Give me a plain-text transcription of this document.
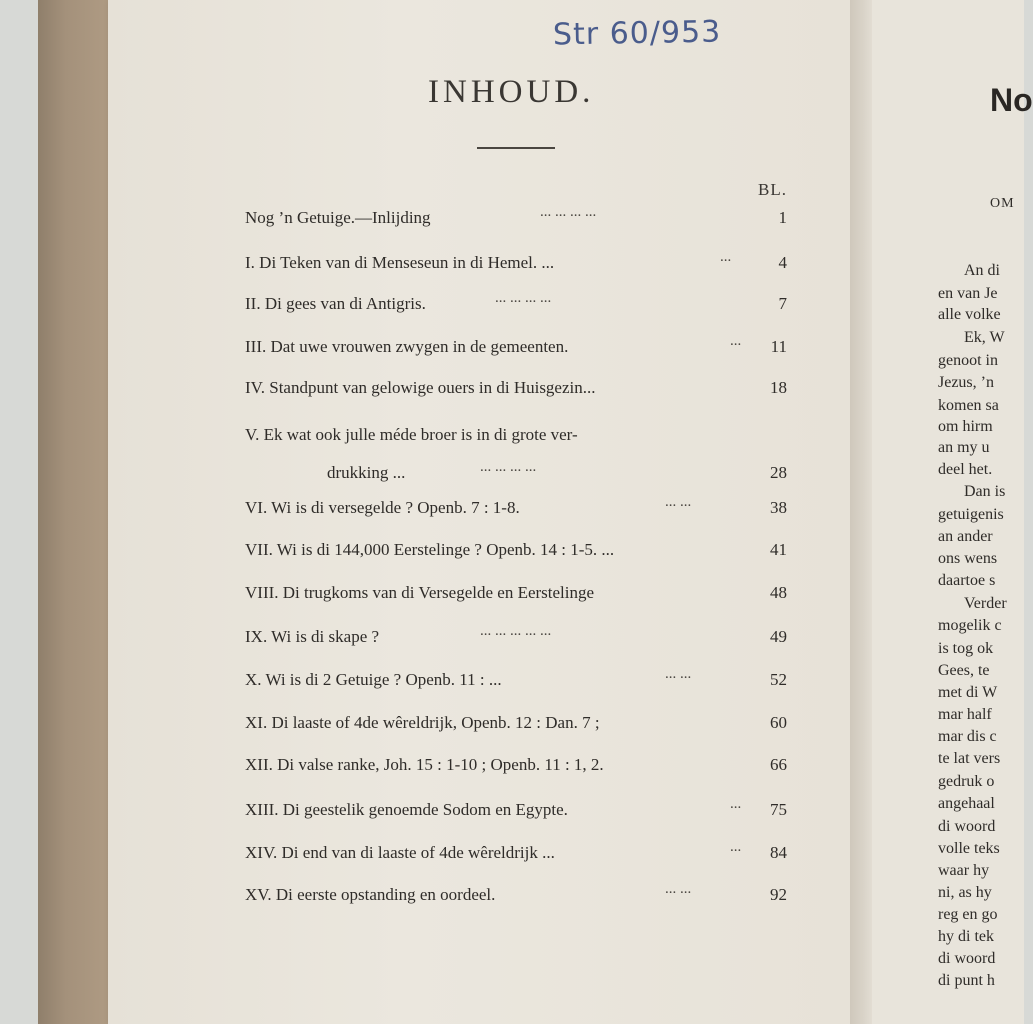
Str 60/953
INHOUD.
BL.
Nog ’n Getuige.—Inlijding	... ... ... ...	1
I. Di Teken van di Menseseun in di Hemel. ...	...	4
II. Di gees van di Antigris.	... ... ... ...	7
III. Dat uwe vrouwen zwygen in de gemeenten.	... 11
IV. Standpunt van gelowige ouers in di Huisgezin...	18
V. Ek wat ook julle méde broer is in di grote ver-
drukking ...	... ... ... ...	28
VI. Wi is di versegelde ? Openb. 7 : 1-8.	... ...	38
VII. Wi is di 144,000 Eerstelinge ? Openb. 14 : 1-5. ...	41
VIII. Di trugkoms van di Versegelde en Eerstelinge	48
IX. Wi is di skape ?	... ... ... ... ...	49
X. Wi is di 2 Getuige ? Openb. 11 : ...	... ...	52
XI. Di laaste of 4de wêreldrijk, Openb. 12 : Dan. 7 ;	60
XII. Di valse ranke, Joh. 15 : 1-10 ; Openb. 11 : 1, 2.	66
XIII. Di geestelik genoemde Sodom en Egypte.	... 75
XIV. Di end van di laaste of 4de wêreldrijk ...	... 84
XV. Di eerste opstanding en oordeel.	... ...	92
No
OM
An di
en van Je
alle volke
Ek, W
genoot in
Jezus, ’n
komen sa
om hirm
an my u
deel het.
Dan is
getuigenis
an ander
ons wens
daartoe s
Verder
mogelik c
is tog ok
Gees, te
met di W
mar half
mar dis c
te lat vers
gedruk o
angehaal
di woord
volle teks
waar hy
ni, as hy
reg en go
hy di tek
di woord
di punt h
